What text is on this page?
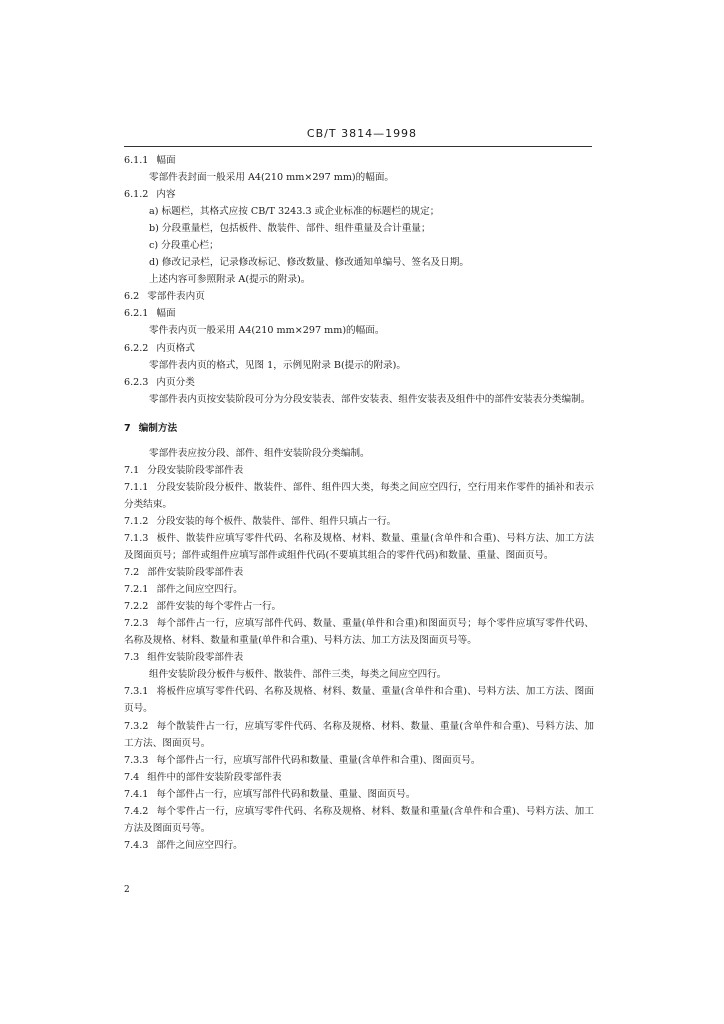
CB/T 3814—1998

6.1.1 幅面

零部件表封面一般采用 A4(210 mm×297 mm)的幅面。

6.1.2 内容

a) 标题栏，其格式应按 CB/T 3243.3 或企业标准的标题栏的规定；

b) 分段重量栏，包括板件、散装件、部件、组件重量及合计重量；

c) 分段重心栏；

d) 修改记录栏，记录修改标记、修改数量、修改通知单编号、签名及日期。

上述内容可参照附录 A(提示的附录)。

6.2 零部件表内页

6.2.1 幅面

零件表内页一般采用 A4(210 mm×297 mm)的幅面。

6.2.2 内页格式

零部件表内页的格式，见图 1，示例见附录 B(提示的附录)。

6.2.3 内页分类

零部件表内页按安装阶段可分为分段安装表、部件安装表、组件安装表及组件中的部件安装表分类编制。

7 编制方法

零部件表应按分段、部件、组件安装阶段分类编制。

7.1 分段安装阶段零部件表

7.1.1 分段安装阶段分板件、散装件、部件、组件四大类，每类之间应空四行，空行用来作零件的插补和表示分类结束。

7.1.2 分段安装的每个板件、散装件、部件、组件只填占一行。

7.1.3 板件、散装件应填写零件代码、名称及规格、材料、数量、重量(含单件和合重)、号料方法、加工方法及图面页号；部件或组件应填写部件或组件代码(不要填其组合的零件代码)和数量、重量、图面页号。

7.2 部件安装阶段零部件表

7.2.1 部件之间应空四行。

7.2.2 部件安装的每个零件占一行。

7.2.3 每个部件占一行，应填写部件代码、数量、重量(单件和合重)和图面页号；每个零件应填写零件代码、名称及规格、材料、数量和重量(单件和合重)、号料方法、加工方法及图面页号等。

7.3 组件安装阶段零部件表

组件安装阶段分板件与板件、散装件、部件三类，每类之间应空四行。

7.3.1 将板件应填写零件代码、名称及规格、材料、数量、重量(含单件和合重)、号料方法、加工方法、图面页号。

7.3.2 每个散装件占一行，应填写零件代码、名称及规格、材料、数量、重量(含单件和合重)、号料方法、加工方法、图面页号。

7.3.3 每个部件占一行，应填写部件代码和数量、重量(含单件和合重)、图面页号。

7.4 组件中的部件安装阶段零部件表

7.4.1 每个部件占一行，应填写部件代码和数量、重量、图面页号。

7.4.2 每个零件占一行，应填写零件代码、名称及规格、材料、数量和重量(含单件和合重)、号料方法、加工方法及图面页号等。

7.4.3 部件之间应空四行。

2
